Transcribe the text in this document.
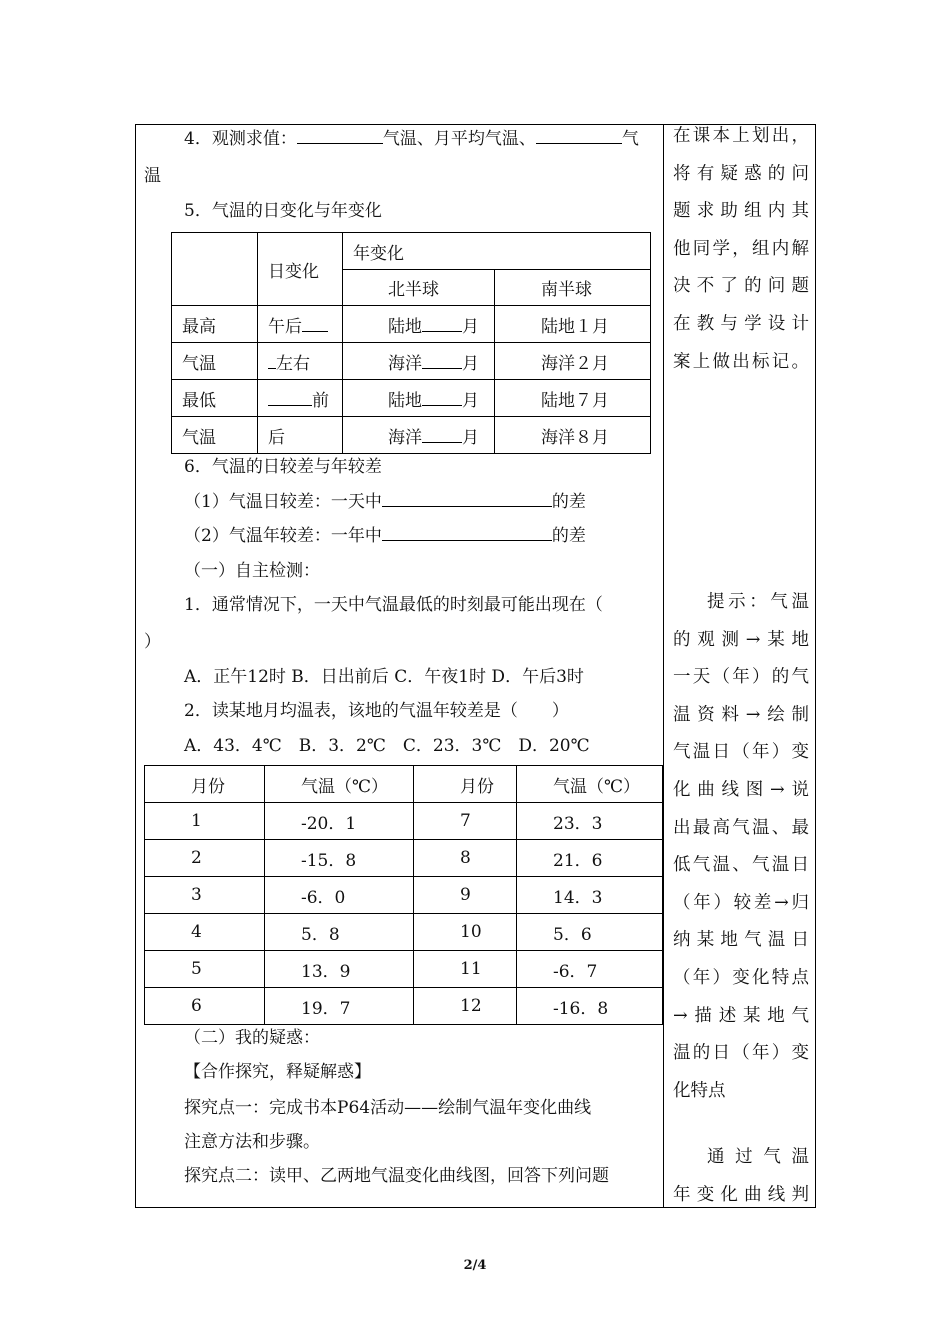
4．观测求值：	气温、月平均气温、	气
温
5．气温的日变化与年变化
	日变化	年变化	
		北半球	南半球
最高	午后	陆地 月	陆地１月
气温	左右	海洋 月	海洋２月
最低	前	陆地 月	陆地７月
气温	后	海洋 月	海洋８月
6．气温的日较差与年较差
（1）气温日较差：一天中	的差
（2）气温年较差：一年中	的差
（一）自主检测：
1．通常情况下，一天中气温最低的时刻最可能出现在（
）
A．正午12时 B．日出前后 C．午夜1时 D．午后3时
2．读某地月均温表，该地的气温年较差是（　　）
A．43．4℃　B．3．2℃　C．23．3℃　D．20℃
月份	气温（℃）	月份	气温（℃）
1	-20．1	7	23．3
2	-15．8	8	21．6
3	-6．0	9	14．3
4	5．8	10	5．6
5	13．9	11	-6．7
6	19．7	12	-16．8
（二）我的疑惑：
【合作探究，释疑解惑】
探究点一：完成书本P64活动——绘制气温年变化曲线
注意方法和步骤。
探究点二：读甲、乙两地气温变化曲线图，回答下列问题
在课本上划出，
将有疑惑的问
题求助组内其
他同学，组内解
决不了的问题
在教与学设计
案上做出标记。
提示：气温
的观测→某地
一天（年）的气
温资料→绘制
气温日（年）变
化曲线图→说
出最高气温、最
低气温、气温日
（年）较差→归
纳某地气温日
（年）变化特点
→描述某地气
温的日（年）变
化特点
通过气温
年变化曲线判
2/4
